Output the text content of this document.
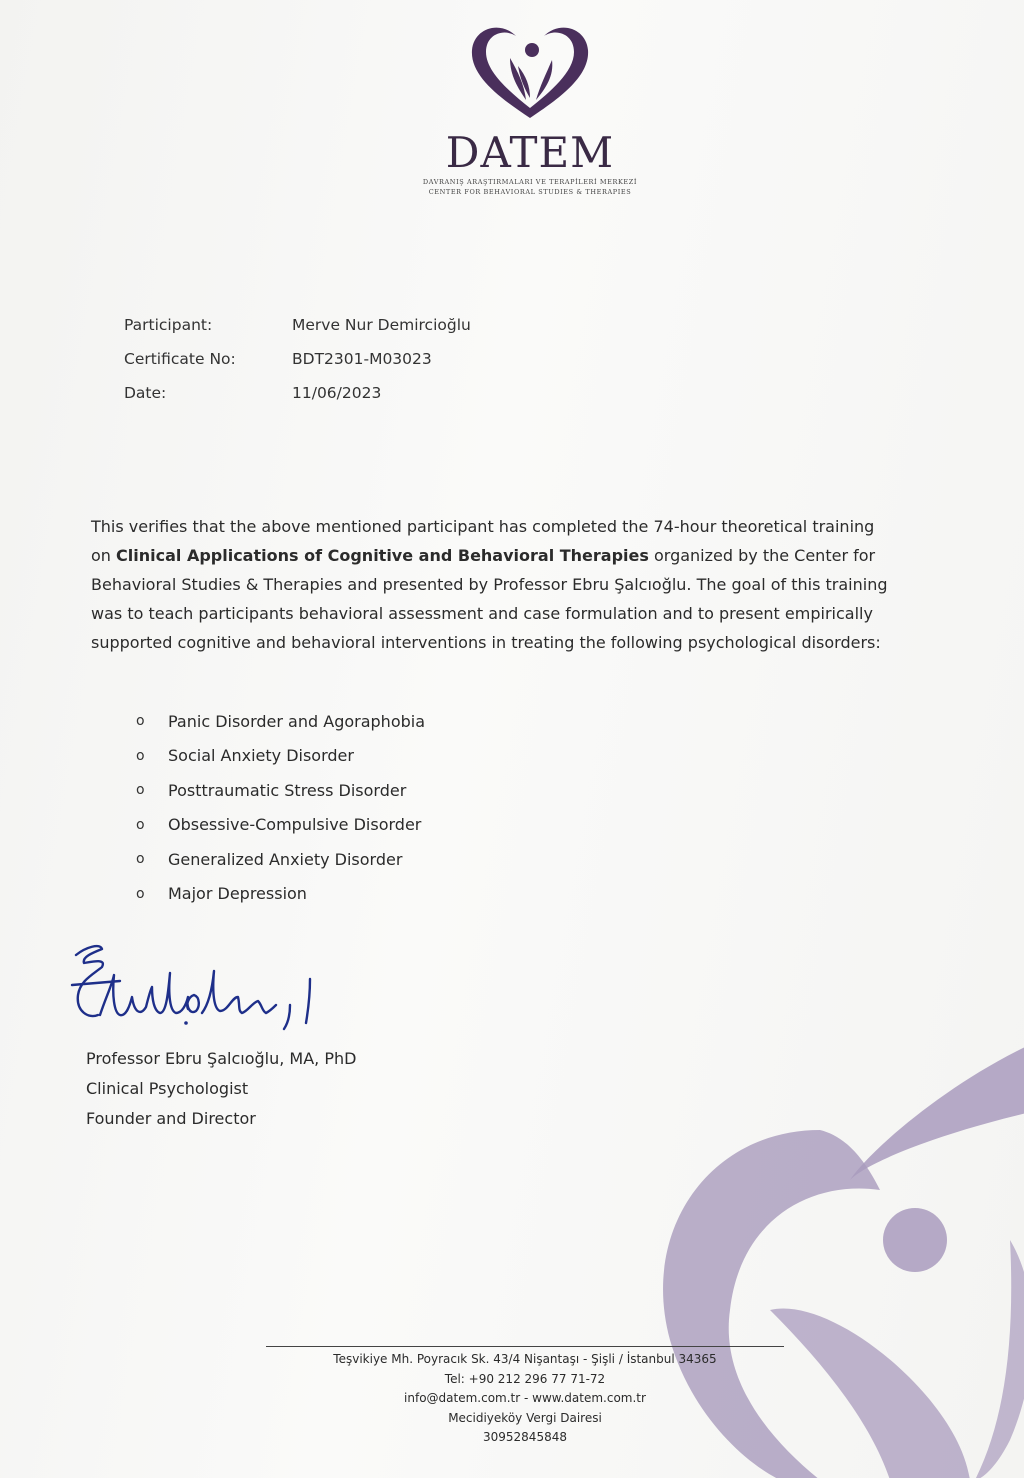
DATEM
DAVRANIŞ ARAŞTIRMALARI VE TERAPİLERİ MERKEZİ
CENTER FOR BEHAVIORAL STUDIES & THERAPIES
Participant:	Merve Nur Demircioğlu
Certificate No:	BDT2301-M03023
Date:	11/06/2023

This verifies that the above mentioned participant has completed the 74-hour theoretical training on Clinical Applications of Cognitive and Behavioral Therapies organized by the Center for Behavioral Studies & Therapies and presented by Professor Ebru Şalcıoğlu. The goal of this training was to teach participants behavioral assessment and case formulation and to present empirically supported cognitive and behavioral interventions in treating the following psychological disorders:

o	Panic Disorder and Agoraphobia
o	Social Anxiety Disorder
o	Posttraumatic Stress Disorder
o	Obsessive-Compulsive Disorder
o	Generalized Anxiety Disorder
o	Major Depression
Professor Ebru Şalcıoğlu, MA, PhD
Clinical Psychologist
Founder and Director
Teşvikiye Mh. Poyracık Sk. 43/4 Nişantaşı - Şişli / İstanbul 34365
Tel: +90 212 296 77 71-72
info@datem.com.tr - www.datem.com.tr
Mecidiyeköy Vergi Dairesi
30952845848
